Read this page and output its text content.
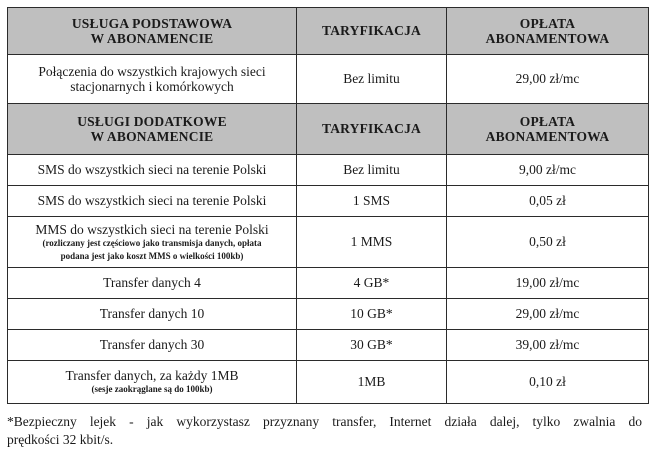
USŁUGA PODSTAWOWA
W ABONAMENCIE	TARYFIKACJA	OPŁATA
ABONAMENTOWA

Połączenia do wszystkich krajowych sieci
stacjonarnych i komórkowych	Bez limitu	29,00 zł/mc

USŁUGI DODATKOWE
W ABONAMENCIE	TARYFIKACJA	OPŁATA
ABONAMENTOWA

SMS do wszystkich sieci na terenie Polski	Bez limitu	9,00 zł/mc

SMS do wszystkich sieci na terenie Polski	1 SMS	0,05 zł

MMS do wszystkich sieci na terenie Polski
(rozliczany jest częściowo jako transmisja danych, opłata
podana jest jako koszt MMS o wielkości 100kb)	1 MMS	0,50 zł

Transfer danych 4	4 GB*	19,00 zł/mc

Transfer danych 10	10 GB*	29,00 zł/mc

Transfer danych 30	30 GB*	39,00 zł/mc

Transfer danych, za każdy 1MB
(sesje zaokrąglane są do 100kb)	1MB	0,10 zł
*Bezpieczny lejek - jak wykorzystasz przyznany transfer, Internet działa dalej, tylko zwalnia do
prędkości 32 kbit/s.
